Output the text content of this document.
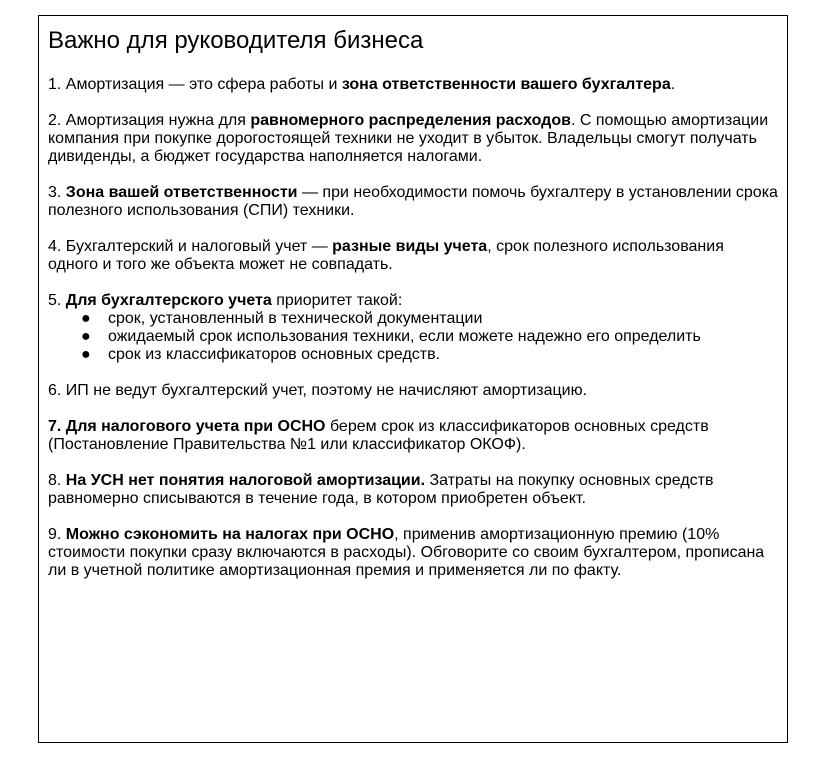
Важно для руководителя бизнеса
1. Амортизация — это сфера работы и зона ответственности вашего бухгалтера.
2. Амортизация нужна для равномерного распределения расходов. С помощью амортизации компания при покупке дорогостоящей техники не уходит в убыток. Владельцы смогут получать дивиденды, а бюджет государства наполняется налогами.
3. Зона вашей ответственности — при необходимости помочь бухгалтеру в установлении срока полезного использования (СПИ) техники.
4. Бухгалтерский и налоговый учет — разные виды учета, срок полезного использования одного и того же объекта может не совпадать.
5. Для бухгалтерского учета приоритет такой:
● срок, установленный в технической документации
● ожидаемый срок использования техники, если можете надежно его определить
● срок из классификаторов основных средств.
6. ИП не ведут бухгалтерский учет, поэтому не начисляют амортизацию.
7. Для налогового учета при ОСНО берем срок из классификаторов основных средств (Постановление Правительства №1 или классификатор ОКОФ).
8. На УСН нет понятия налоговой амортизации. Затраты на покупку основных средств равномерно списываются в течение года, в котором приобретен объект.
9. Можно сэкономить на налогах при ОСНО, применив амортизационную премию (10% стоимости покупки сразу включаются в расходы). Обговорите со своим бухгалтером, прописана ли в учетной политике амортизационная премия и применяется ли по факту.
